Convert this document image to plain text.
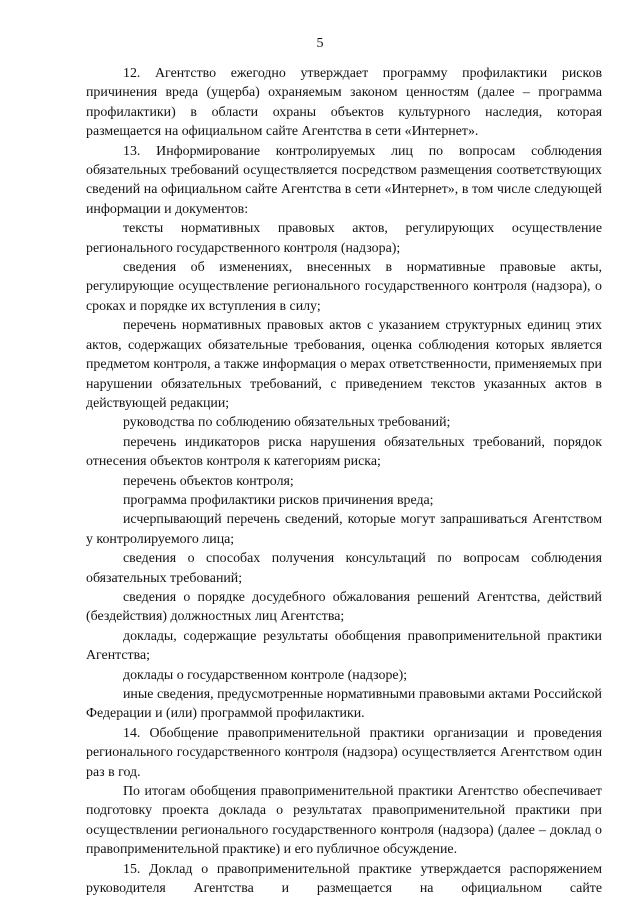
5

12. Агентство ежегодно утверждает программу профилактики рисков причинения вреда (ущерба) охраняемым законом ценностям (далее – программа профилактики) в области охраны объектов культурного наследия, которая размещается на официальном сайте Агентства в сети «Интернет».

13. Информирование контролируемых лиц по вопросам соблюдения обязательных требований осуществляется посредством размещения соответствующих сведений на официальном сайте Агентства в сети «Интернет», в том числе следующей информации и документов:

тексты нормативных правовых актов, регулирующих осуществление регионального государственного контроля (надзора);

сведения об изменениях, внесенных в нормативные правовые акты, регулирующие осуществление регионального государственного контроля (надзора), о сроках и порядке их вступления в силу;

перечень нормативных правовых актов с указанием структурных единиц этих актов, содержащих обязательные требования, оценка соблюдения которых является предметом контроля, а также информация о мерах ответственности, применяемых при нарушении обязательных требований, с приведением текстов указанных актов в действующей редакции;

руководства по соблюдению обязательных требований;

перечень индикаторов риска нарушения обязательных требований, порядок отнесения объектов контроля к категориям риска;

перечень объектов контроля;

программа профилактики рисков причинения вреда;

исчерпывающий перечень сведений, которые могут запрашиваться Агентством у контролируемого лица;

сведения о способах получения консультаций по вопросам соблюдения обязательных требований;

сведения о порядке досудебного обжалования решений Агентства, действий (бездействия) должностных лиц Агентства;

доклады, содержащие результаты обобщения правоприменительной практики Агентства;

доклады о государственном контроле (надзоре);

иные сведения, предусмотренные нормативными правовыми актами Российской Федерации и (или) программой профилактики.

14. Обобщение правоприменительной практики организации и проведения регионального государственного контроля (надзора) осуществляется Агентством один раз в год.

По итогам обобщения правоприменительной практики Агентство обеспечивает подготовку проекта доклада о результатах правоприменительной практики при осуществлении регионального государственного контроля (надзора) (далее – доклад о правоприменительной практике) и его публичное обсуждение.

15. Доклад о правоприменительной практике утверждается распоряжением руководителя Агентства и размещается на официальном сайте
